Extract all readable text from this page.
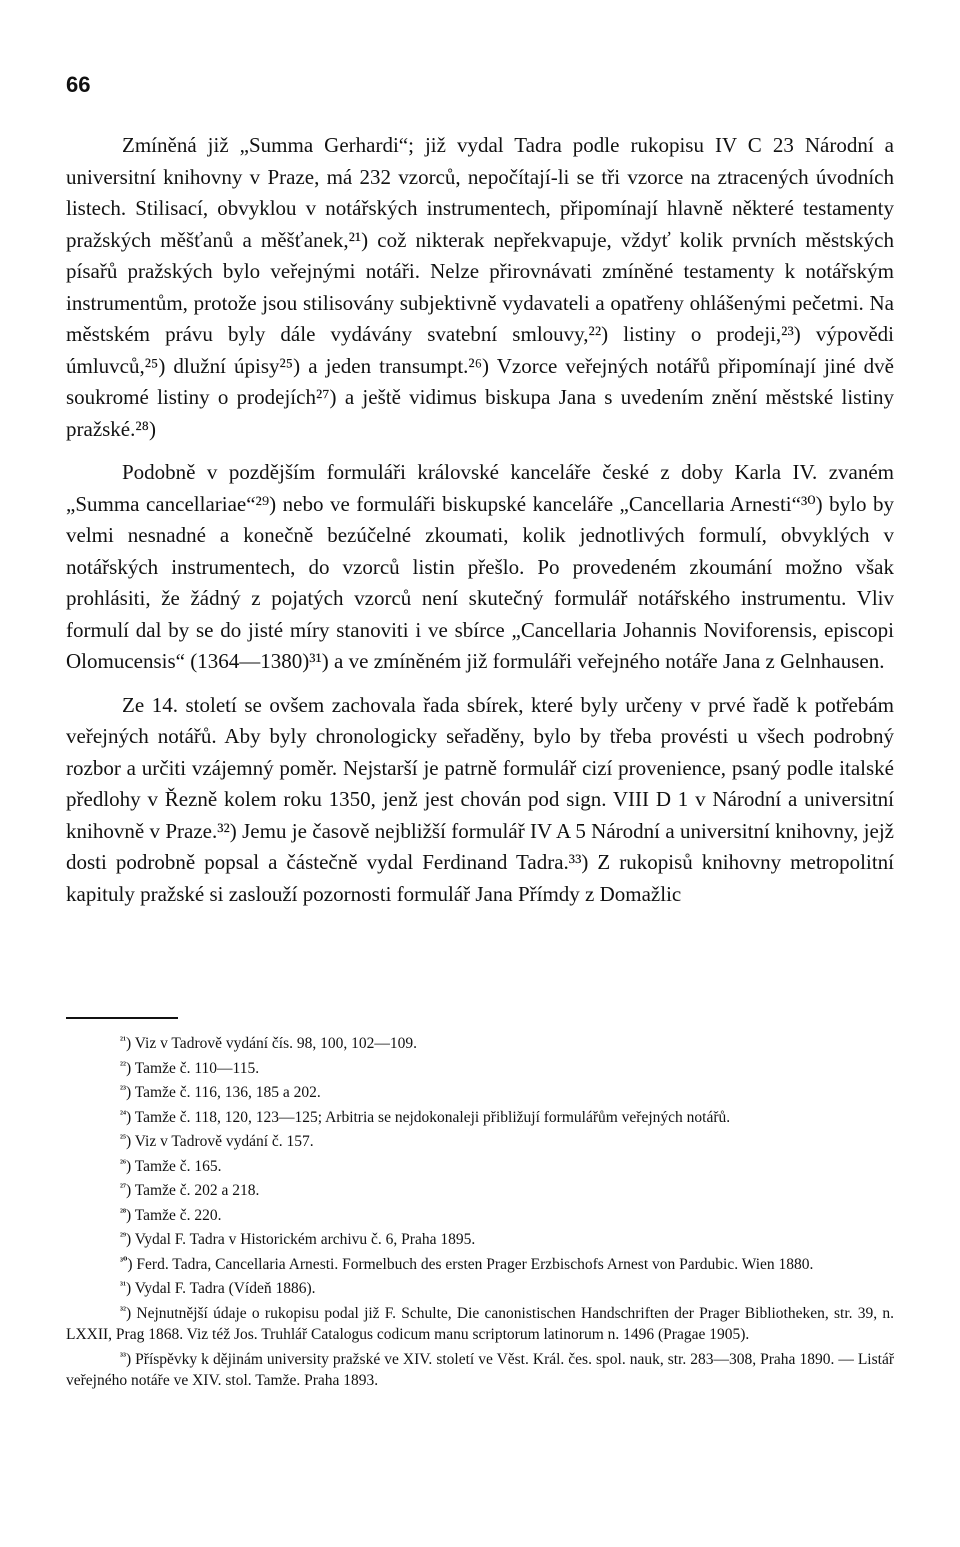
66

Zmíněná již „Summa Gerhardi“; již vydal Tadra podle rukopisu IV C 23 Národní a universitní knihovny v Praze, má 232 vzorců, nepočítají-li se tři vzorce na ztracených úvodních listech. Stilisací, obvyklou v notářských instrumentech, připomínají hlavně některé testamenty pražských měšťanů a měšťanek,²¹) což nikterak nepřekvapuje, vždyť kolik prvních městských písařů pražských bylo veřejnými notáři. Nelze přirovnávati zmíněné testamenty k notářským instrumentům, protože jsou stilisovány subjektivně vydavateli a opatřeny ohlášenými pečetmi. Na městském právu byly dále vydávány svatební smlouvy,²²) listiny o prodeji,²³) výpovědi úmluvců,²⁵) dlužní úpisy²⁵) a jeden transumpt.²⁶) Vzorce veřejných notářů připomínají jiné dvě soukromé listiny o prodejích²⁷) a ještě vidimus biskupa Jana s uvedením znění městské listiny pražské.²⁸)

Podobně v pozdějším formuláři královské kanceláře české z doby Karla IV. zvaném „Summa cancellariae“²⁹) nebo ve formuláři biskupské kanceláře „Cancellaria Arnesti“³⁰) bylo by velmi nesnadné a konečně bezúčelné zkoumati, kolik jednotlivých formulí, obvyklých v notářských instrumentech, do vzorců listin přešlo. Po provedeném zkoumání možno však prohlásiti, že žádný z pojatých vzorců není skutečný formulář notářského instrumentu. Vliv formulí dal by se do jisté míry stanoviti i ve sbírce „Cancellaria Johannis Noviforensis, episcopi Olomucensis“ (1364—1380)³¹) a ve zmíněném již formuláři veřejného notáře Jana z Gelnhausen.

Ze 14. století se ovšem zachovala řada sbírek, které byly určeny v prvé řadě k potřebám veřejných notářů. Aby byly chronologicky seřaděny, bylo by třeba provésti u všech podrobný rozbor a určiti vzájemný poměr. Nejstarší je patrně formulář cizí provenience, psaný podle italské předlohy v Řezně kolem roku 1350, jenž jest chován pod sign. VIII D 1 v Národní a universitní knihovně v Praze.³²) Jemu je časově nejbližší formulář IV A 5 Národní a universitní knihovny, jejž dosti podrobně popsal a částečně vydal Ferdinand Tadra.³³) Z rukopisů knihovny metropolitní kapituly pražské si zaslouží pozornosti formulář Jana Přímdy z Domažlic

$^{^{21}}$) Viz v Tadrově vydání čís. 98, 100, 102—109.

$^{^{22}}$) Tamže č. 110—115.

$^{^{23}}$) Tamže č. 116, 136, 185 a 202.

$^{^{24}}$) Tamže č. 118, 120, 123—125; Arbitria se nejdokonaleji přibližují formulářům veřejných notářů.

$^{^{25}}$) Viz v Tadrově vydání č. 157.

$^{^{26}}$) Tamže č. 165.

$^{^{27}}$) Tamže č. 202 a 218.

$^{^{28}}$) Tamže č. 220.

$^{^{29}}$) Vydal F. Tadra v Historickém archivu č. 6, Praha 1895.

$^{^{30}}$) Ferd. Tadra, Cancellaria Arnesti. Formelbuch des ersten Prager Erzbischofs Arnest von Pardubic. Wien 1880.

$^{^{31}}$) Vydal F. Tadra (Vídeň 1886).

$^{^{32}}$) Nejnutnější údaje o rukopisu podal již F. Schulte, Die canonistischen Handschriften der Prager Bibliotheken, str. 39, n. LXXII, Prag 1868. Viz též Jos. Truhlář Catalogus codicum manu scriptorum latinorum n. 1496 (Pragae 1905).

$^{^{33}}$) Příspěvky k dějinám university pražské ve XIV. století ve Věst. Král. čes. spol. nauk, str. 283—308, Praha 1890. — Listář veřejného notáře ve XIV. stol. Tamže. Praha 1893.
